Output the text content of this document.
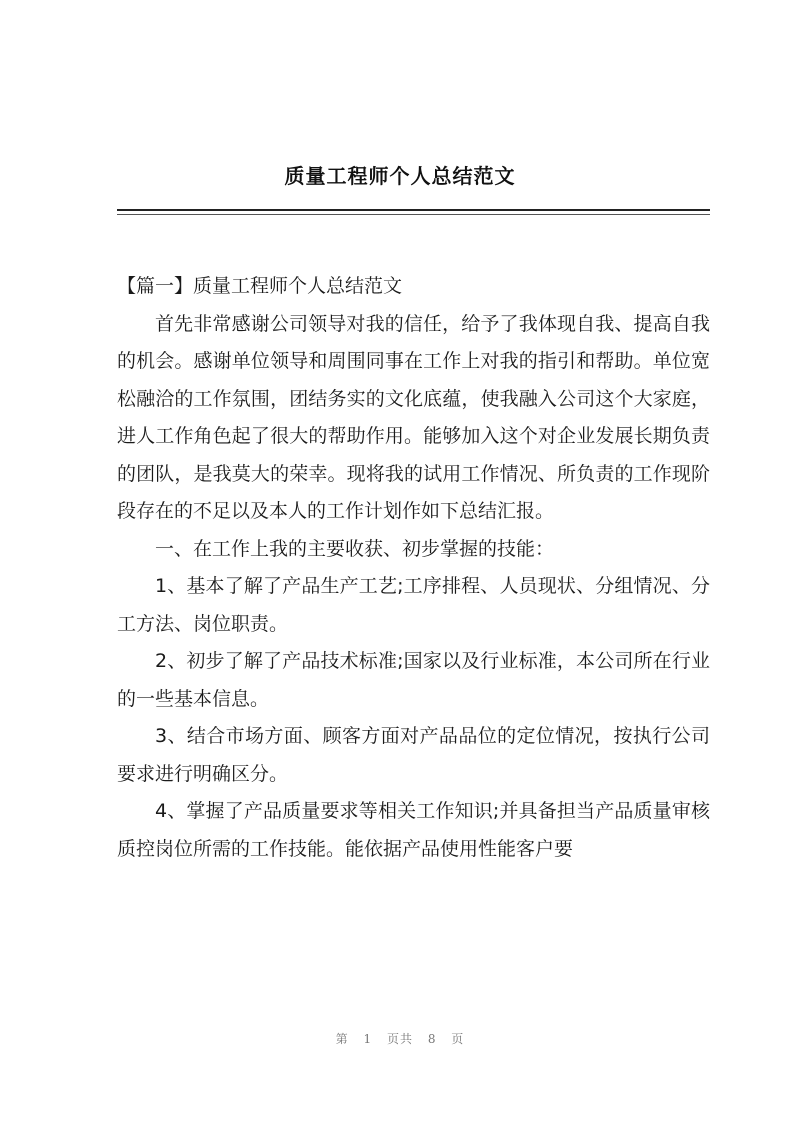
质量工程师个人总结范文

【篇一】质量工程师个人总结范文

首先非常感谢公司领导对我的信任，给予了我体现自我、提高自我的机会。感谢单位领导和周围同事在工作上对我的指引和帮助。单位宽松融洽的工作氛围，团结务实的文化底蕴，使我融入公司这个大家庭，进人工作角色起了很大的帮助作用。能够加入这个对企业发展长期负责的团队，是我莫大的荣幸。现将我的试用工作情况、所负责的工作现阶段存在的不足以及本人的工作计划作如下总结汇报。

一、在工作上我的主要收获、初步掌握的技能：

1、基本了解了产品生产工艺;工序排程、人员现状、分组情况、分工方法、岗位职责。

2、初步了解了产品技术标准;国家以及行业标准，本公司所在行业的一些基本信息。

3、结合市场方面、顾客方面对产品品位的定位情况，按执行公司要求进行明确区分。

4、掌握了产品质量要求等相关工作知识;并具备担当产品质量审核质控岗位所需的工作技能。能依据产品使用性能客户要

第 1 页共 8 页
